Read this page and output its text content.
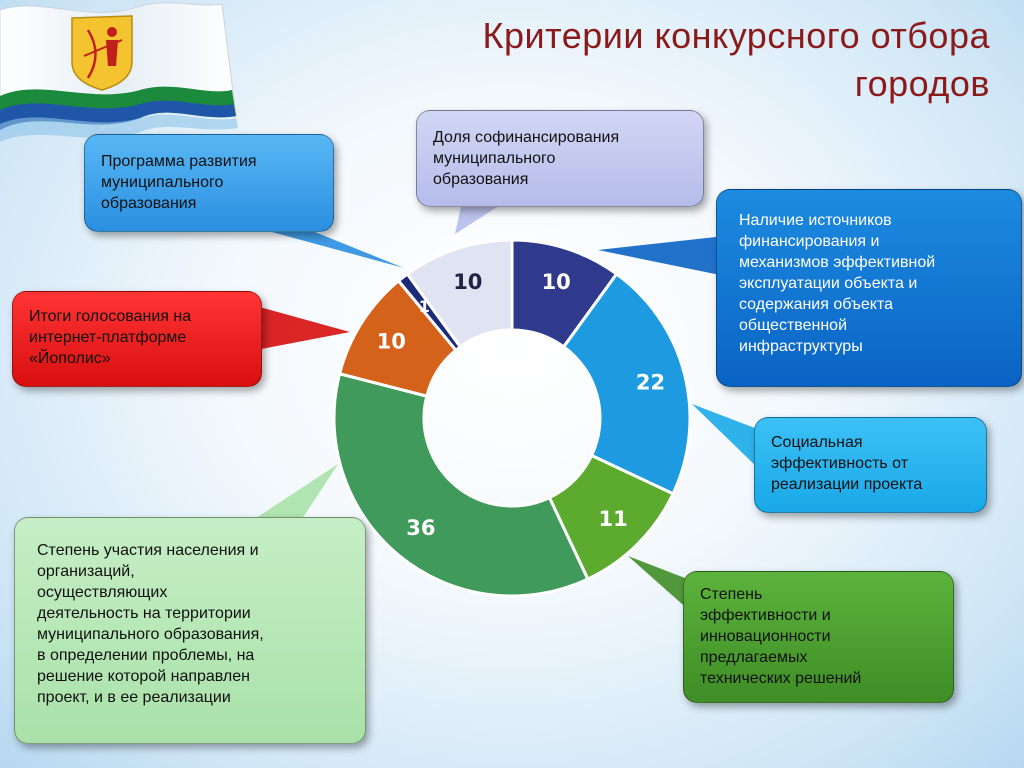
Критерии конкурсного отбора
городов
10
22
11
36
10
1
10
Программа развития
муниципального
образования
Доля софинансирования
муниципального
образования
Наличие источников
финансирования и
механизмов эффективной
эксплуатации объекта и
содержания объекта
общественной
инфраструктуры
Итоги голосования на
интернет-платформе
«Йополис»
Социальная
эффективность от
реализации проекта
Степень участия населения и
организаций,
осуществляющих
деятельность на территории
муниципального образования,
в определении проблемы, на
решение которой направлен
проект, и в ее реализации
Степень
эффективности и
инновационности
предлагаемых
технических решений
